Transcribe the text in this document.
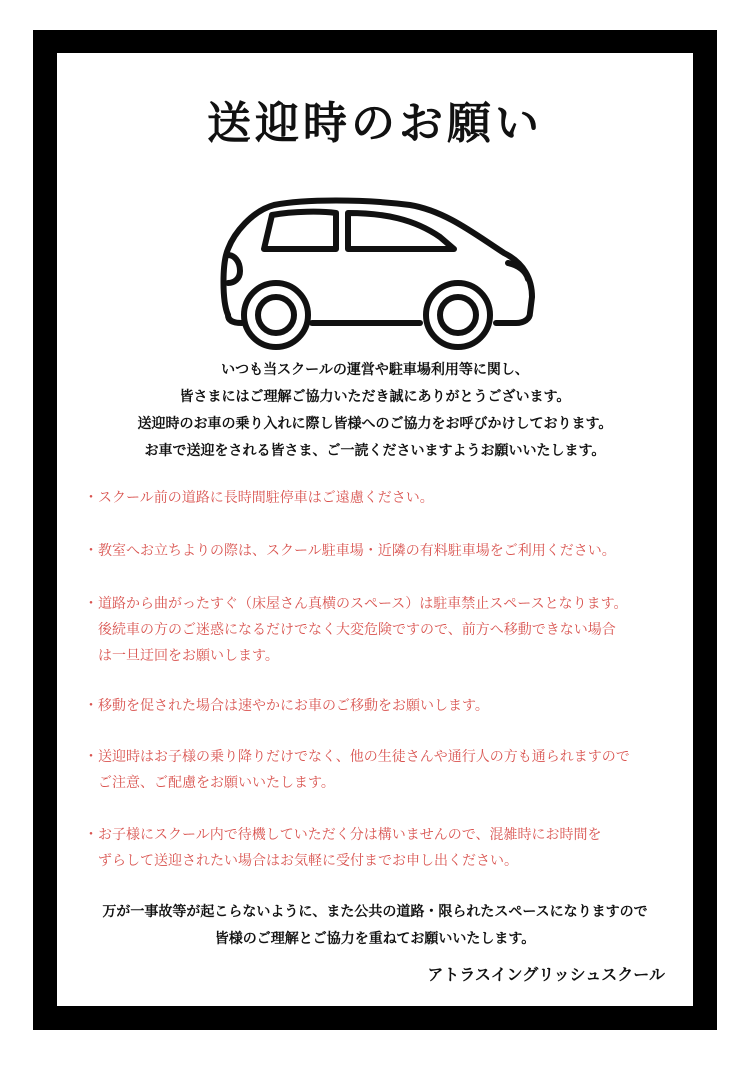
送迎時のお願い
いつも当スクールの運営や駐車場利用等に関し、
皆さまにはご理解ご協力いただき誠にありがとうございます。
送迎時のお車の乗り入れに際し皆様へのご協力をお呼びかけしております。
お車で送迎をされる皆さま、ご一読くださいますようお願いいたします。
・スクール前の道路に長時間駐停車はご遠慮ください。
・教室へお立ちよりの際は、スクール駐車場・近隣の有料駐車場をご利用ください。
・道路から曲がったすぐ（床屋さん真横のスペース）は駐車禁止スペースとなります。
後続車の方のご迷惑になるだけでなく大変危険ですので、前方へ移動できない場合
は一旦迂回をお願いします。
・移動を促された場合は速やかにお車のご移動をお願いします。
・送迎時はお子様の乗り降りだけでなく、他の生徒さんや通行人の方も通られますので
ご注意、ご配慮をお願いいたします。
・お子様にスクール内で待機していただく分は構いませんので、混雑時にお時間を
ずらして送迎されたい場合はお気軽に受付までお申し出ください。
万が一事故等が起こらないように、また公共の道路・限られたスペースになりますので
皆様のご理解とご協力を重ねてお願いいたします。
アトラスイングリッシュスクール
